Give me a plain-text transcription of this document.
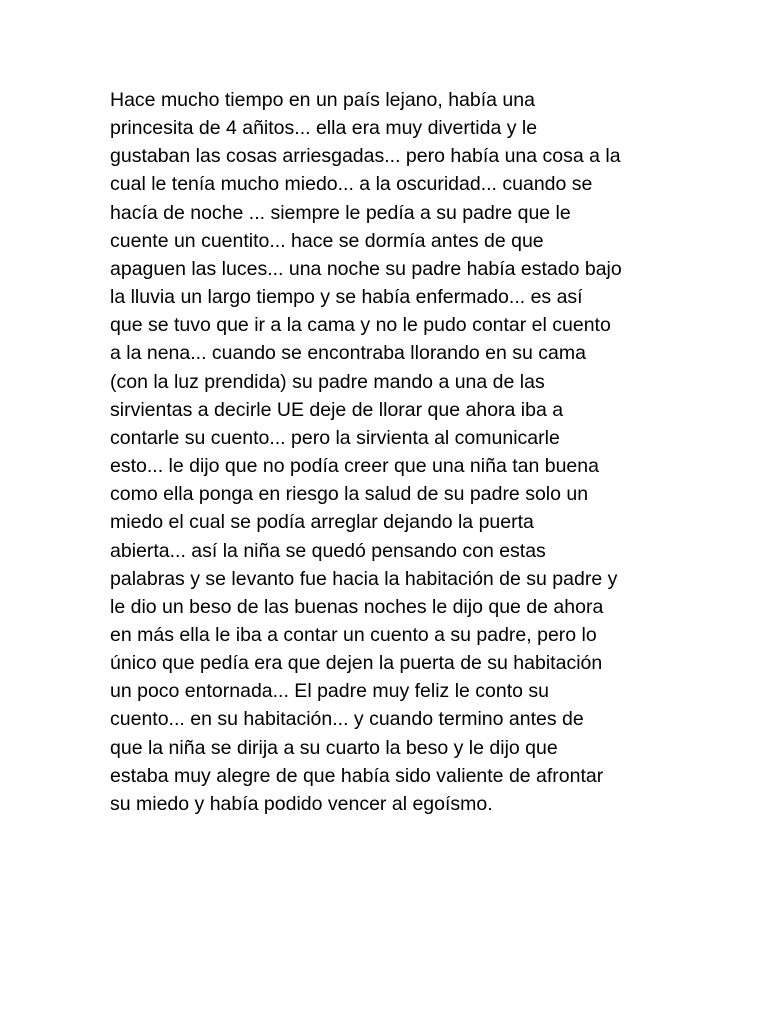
Hace mucho tiempo en un país lejano, había una
princesita de 4 añitos... ella era muy divertida y le
gustaban las cosas arriesgadas... pero había una cosa a la
cual le tenía mucho miedo... a la oscuridad... cuando se
hacía de noche ... siempre le pedía a su padre que le
cuente un cuentito... hace se dormía antes de que
apaguen las luces... una noche su padre había estado bajo
la lluvia un largo tiempo y se había enfermado... es así
que se tuvo que ir a la cama y no le pudo contar el cuento
a la nena... cuando se encontraba llorando en su cama
(con la luz prendida) su padre mando a una de las
sirvientas a decirle UE deje de llorar que ahora iba a
contarle su cuento... pero la sirvienta al comunicarle
esto... le dijo que no podía creer que una niña tan buena
como ella ponga en riesgo la salud de su padre solo un
miedo el cual se podía arreglar dejando la puerta
abierta... así la niña se quedó pensando con estas
palabras y se levanto fue hacia la habitación de su padre y
le dio un beso de las buenas noches le dijo que de ahora
en más ella le iba a contar un cuento a su padre, pero lo
único que pedía era que dejen la puerta de su habitación
un poco entornada... El padre muy feliz le conto su
cuento... en su habitación... y cuando termino antes de
que la niña se dirija a su cuarto la beso y le dijo que
estaba muy alegre de que había sido valiente de afrontar
su miedo y había podido vencer al egoísmo.
